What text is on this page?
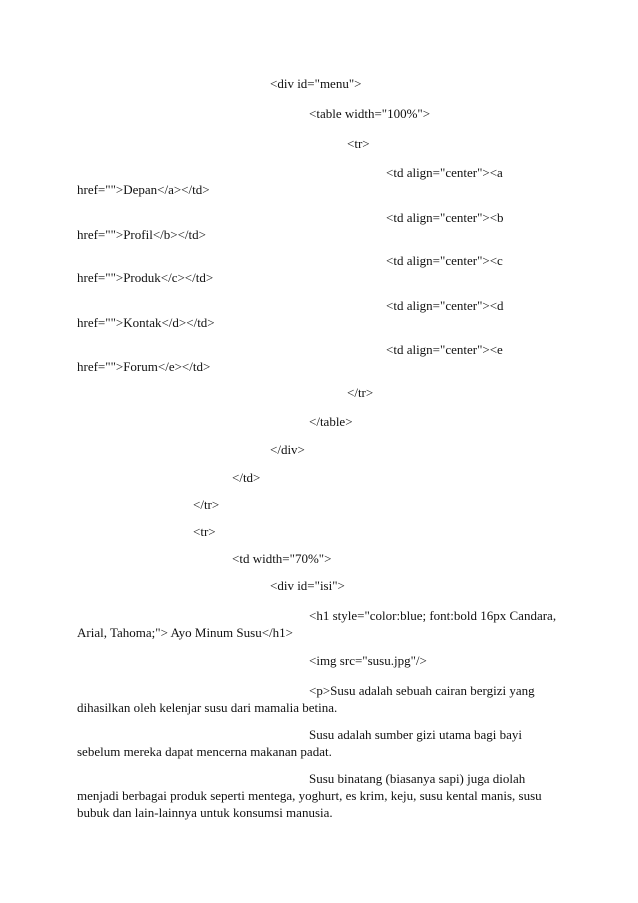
<div id="menu">
<table width="100%">
<tr>
<td align="center"><a
href="">Depan</a></td>
<td align="center"><b
href="">Profil</b></td>
<td align="center"><c
href="">Produk</c></td>
<td align="center"><d
href="">Kontak</d></td>
<td align="center"><e
href="">Forum</e></td>
</tr>
</table>
</div>
</td>
</tr>
<tr>
<td width="70%">
<div id="isi">
<h1 style="color:blue; font:bold 16px Candara,
Arial, Tahoma;"> Ayo Minum Susu</h1>
<img src="susu.jpg"/>
<p>Susu adalah sebuah cairan bergizi yang
dihasilkan oleh kelenjar susu dari mamalia betina.
Susu adalah sumber gizi utama bagi bayi
sebelum mereka dapat mencerna makanan padat.
Susu binatang (biasanya sapi) juga diolah
menjadi berbagai produk seperti mentega, yoghurt, es krim, keju, susu kental manis, susu
bubuk dan lain-lainnya untuk konsumsi manusia.
